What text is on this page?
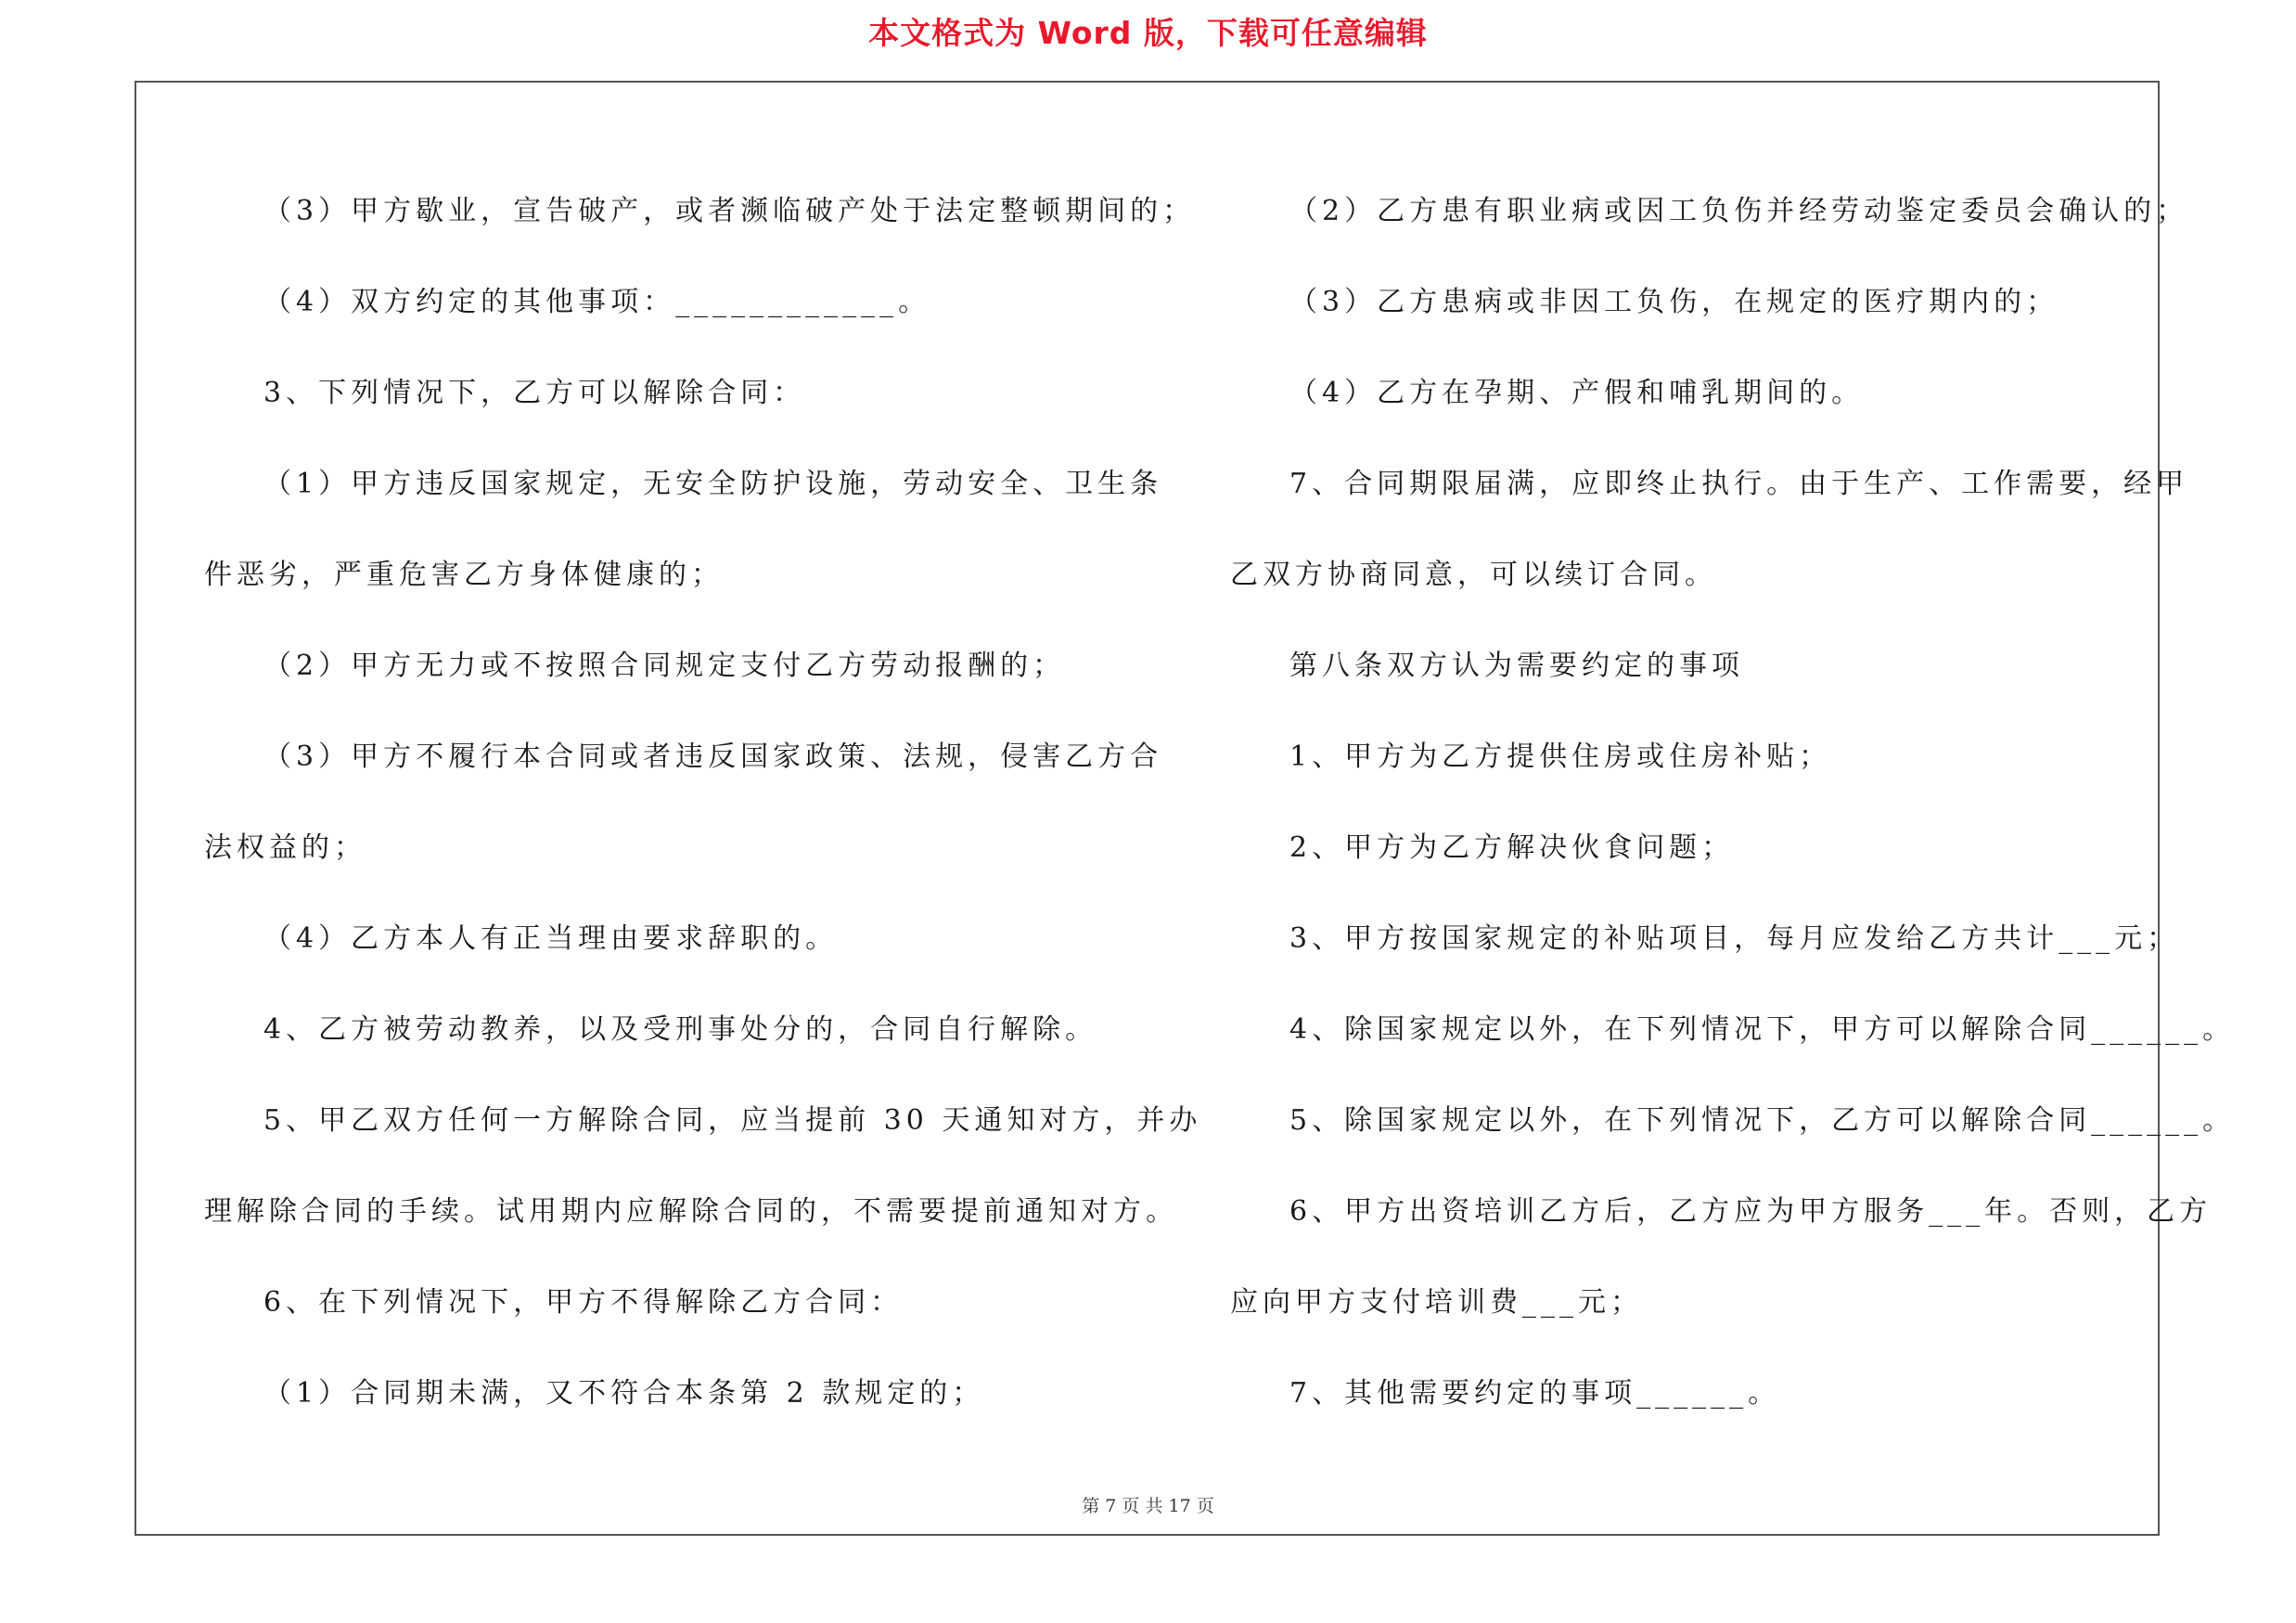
本文格式为 Word 版，下载可任意编辑
（3）甲方歇业，宣告破产，或者濒临破产处于法定整顿期间的；
（4）双方约定的其他事项：____________。
3、下列情况下，乙方可以解除合同：
（1）甲方违反国家规定，无安全防护设施，劳动安全、卫生条
件恶劣，严重危害乙方身体健康的；
（2）甲方无力或不按照合同规定支付乙方劳动报酬的；
（3）甲方不履行本合同或者违反国家政策、法规，侵害乙方合
法权益的；
（4）乙方本人有正当理由要求辞职的。
4、乙方被劳动教养，以及受刑事处分的，合同自行解除。
5、甲乙双方任何一方解除合同，应当提前 30 天通知对方，并办
理解除合同的手续。试用期内应解除合同的，不需要提前通知对方。
6、在下列情况下，甲方不得解除乙方合同：
（1）合同期未满，又不符合本条第 2 款规定的；
（2）乙方患有职业病或因工负伤并经劳动鉴定委员会确认的；
（3）乙方患病或非因工负伤，在规定的医疗期内的；
（4）乙方在孕期、产假和哺乳期间的。
7、合同期限届满，应即终止执行。由于生产、工作需要，经甲
乙双方协商同意，可以续订合同。
第八条双方认为需要约定的事项
1、甲方为乙方提供住房或住房补贴；
2、甲方为乙方解决伙食问题；
3、甲方按国家规定的补贴项目，每月应发给乙方共计___元；
4、除国家规定以外，在下列情况下，甲方可以解除合同______。
5、除国家规定以外，在下列情况下，乙方可以解除合同______。
6、甲方出资培训乙方后，乙方应为甲方服务___年。否则，乙方
应向甲方支付培训费___元；
7、其他需要约定的事项______。
第 7 页 共 17 页
